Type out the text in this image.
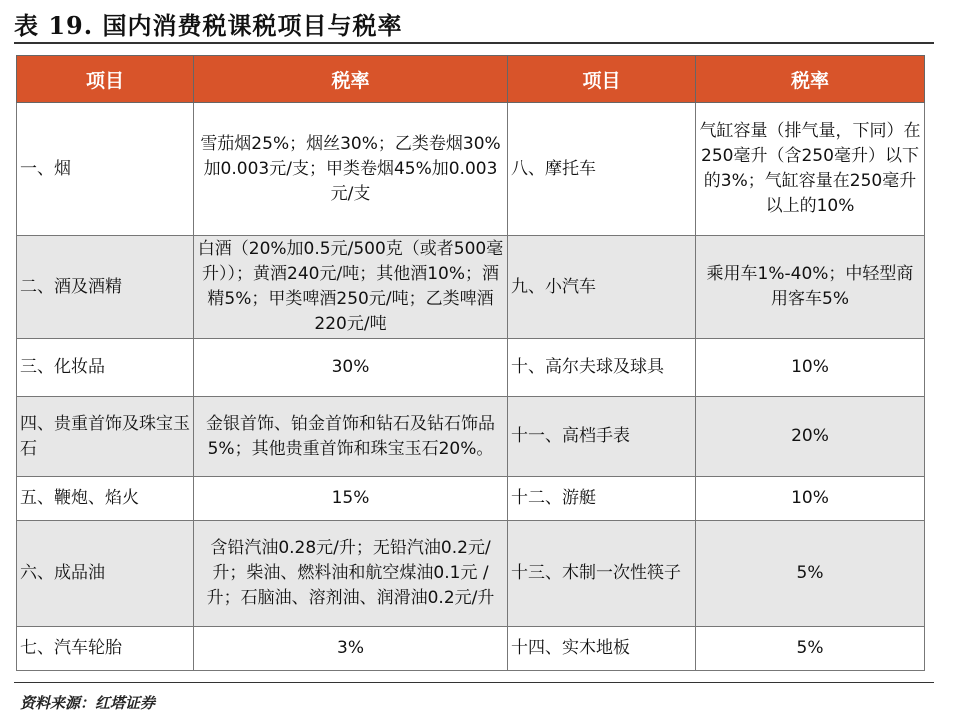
表 19. 国内消费税课税项目与税率
项目	税率	项目	税率
一、烟	雪茄烟25%；烟丝30%；乙类卷烟30%加0.003元/支；甲类卷烟45%加0.003元/支	八、摩托车	气缸容量（排气量，下同）在250毫升（含250毫升）以下的3%；气缸容量在250毫升以上的10%
二、酒及酒精	白酒（20%加0.5元/500克（或者500毫升））；黄酒240元/吨；其他酒10%；酒精5%；甲类啤酒250元/吨；乙类啤酒220元/吨	九、小汽车	乘用车1%-40%；中轻型商用客车5%
三、化妆品	30%	十、高尔夫球及球具	10%
四、贵重首饰及珠宝玉石	金银首饰、铂金首饰和钻石及钻石饰品5%；其他贵重首饰和珠宝玉石20%。	十一、高档手表	20%
五、鞭炮、焰火	15%	十二、游艇	10%
六、成品油	含铅汽油0.28元/升；无铅汽油0.2元/升；柴油、燃料油和航空煤油0.1元 /升；石脑油、溶剂油、润滑油0.2元/升	十三、木制一次性筷子	5%
七、汽车轮胎	3%	十四、实木地板	5%
资料来源：红塔证券
